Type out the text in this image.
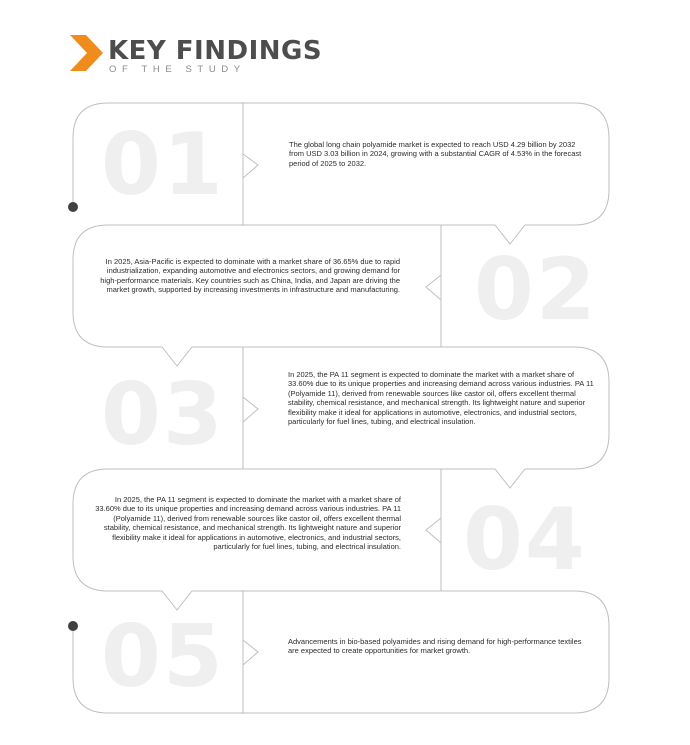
KEY FINDINGS
OF THE STUDY
01
02
03
04
05

The global long chain polyamide market is expected to reach USD 4.29 billion by 2032 from USD 3.03 billion in 2024, growing with a substantial CAGR of 4.53% in the forecast period of 2025 to 2032.

In 2025, Asia-Pacific is expected to dominate with a market share of 36.65% due to rapid industrialization, expanding automotive and electronics sectors, and growing demand for high-performance materials. Key countries such as China, India, and Japan are driving the market growth, supported by increasing investments in infrastructure and manufacturing.

In 2025, the PA 11 segment is expected to dominate the market with a market share of 33.60% due to its unique properties and increasing demand across various industries. PA 11 (Polyamide 11), derived from renewable sources like castor oil, offers excellent thermal stability, chemical resistance, and mechanical strength. Its lightweight nature and superior flexibility make it ideal for applications in automotive, electronics, and industrial sectors, particularly for fuel lines, tubing, and electrical insulation.

In 2025, the PA 11 segment is expected to dominate the market with a market share of 33.60% due to its unique properties and increasing demand across various industries. PA 11 (Polyamide 11), derived from renewable sources like castor oil, offers excellent thermal stability, chemical resistance, and mechanical strength. Its lightweight nature and superior flexibility make it ideal for applications in automotive, electronics, and industrial sectors, particularly for fuel lines, tubing, and electrical insulation.

Advancements in bio-based polyamides and rising demand for high-performance textiles are expected to create opportunities for market growth.
